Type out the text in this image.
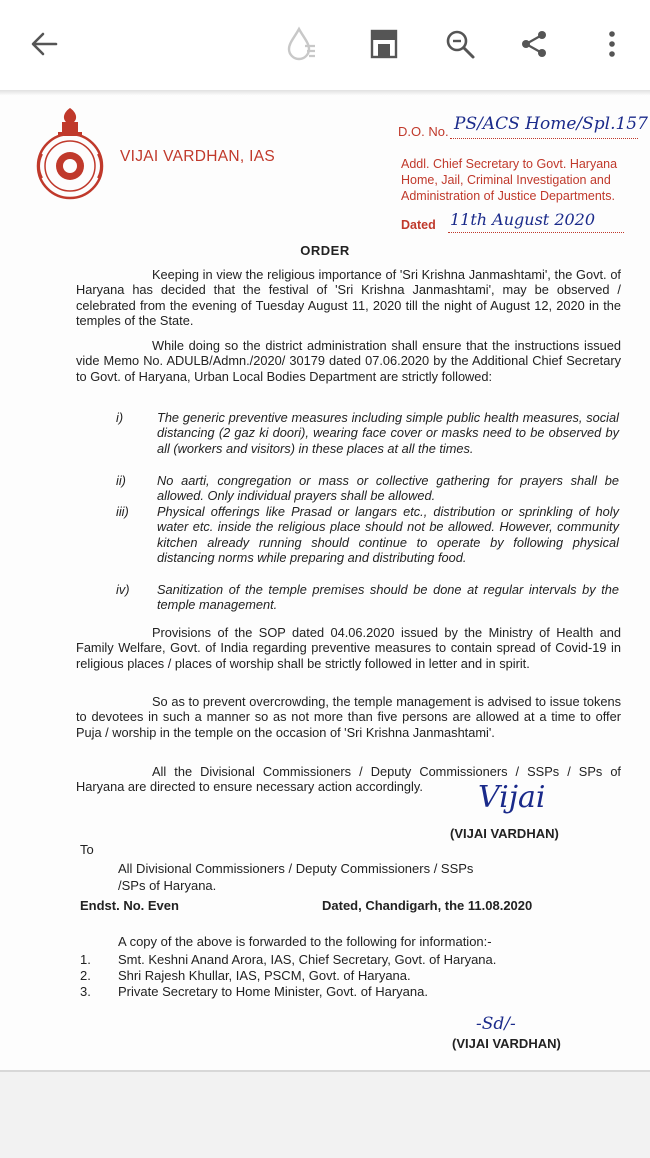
VIJAI VARDHAN, IAS
D.O. No. PS/ACS Home/Spl.157
Addl. Chief Secretary to Govt. Haryana Home, Jail, Criminal Investigation and Administration of Justice Departments.
Dated 11th August 2020
ORDER
Keeping in view the religious importance of 'Sri Krishna Janmashtami', the Govt. of Haryana has decided that the festival of 'Sri Krishna Janmashtami', may be observed / celebrated from the evening of Tuesday August 11, 2020 till the night of August 12, 2020 in the temples of the State.
While doing so the district administration shall ensure that the instructions issued vide Memo No. ADULB/Admn./2020/ 30179 dated 07.06.2020 by the Additional Chief Secretary to Govt. of Haryana, Urban Local Bodies Department are strictly followed:
i)	The generic preventive measures including simple public health measures, social distancing (2 gaz ki doori), wearing face cover or masks need to be observed by all (workers and visitors) in these places at all the times.
ii) No aarti, congregation or mass or collective gathering for prayers shall be allowed. Only individual prayers shall be allowed.
iii) Physical offerings like Prasad or langars etc., distribution or sprinkling of holy water etc. inside the religious place should not be allowed. However, community kitchen already running should continue to operate by following physical distancing norms while preparing and distributing food.
iv) Sanitization of the temple premises should be done at regular intervals by the temple management.
Provisions of the SOP dated 04.06.2020 issued by the Ministry of Health and Family Welfare, Govt. of India regarding preventive measures to contain spread of Covid-19 in religious places / places of worship shall be strictly followed in letter and in spirit.
So as to prevent overcrowding, the temple management is advised to issue tokens to devotees in such a manner so as not more than five persons are allowed at a time to offer Puja / worship in the temple on the occasion of 'Sri Krishna Janmashtami'.
All the Divisional Commissioners / Deputy Commissioners / SSPs / SPs of Haryana are directed to ensure necessary action accordingly.	Vijai
(VIJAI VARDHAN)
To
All Divisional Commissioners / Deputy Commissioners / SSPs /SPs of Haryana.
Endst. No. Even	Dated, Chandigarh, the 11.08.2020
A copy of the above is forwarded to the following for information:-
1. Smt. Keshni Anand Arora, IAS, Chief Secretary, Govt. of Haryana.
2. Shri Rajesh Khullar, IAS, PSCM, Govt. of Haryana.
3. Private Secretary to Home Minister, Govt. of Haryana.
-Sd/-
(VIJAI VARDHAN)
